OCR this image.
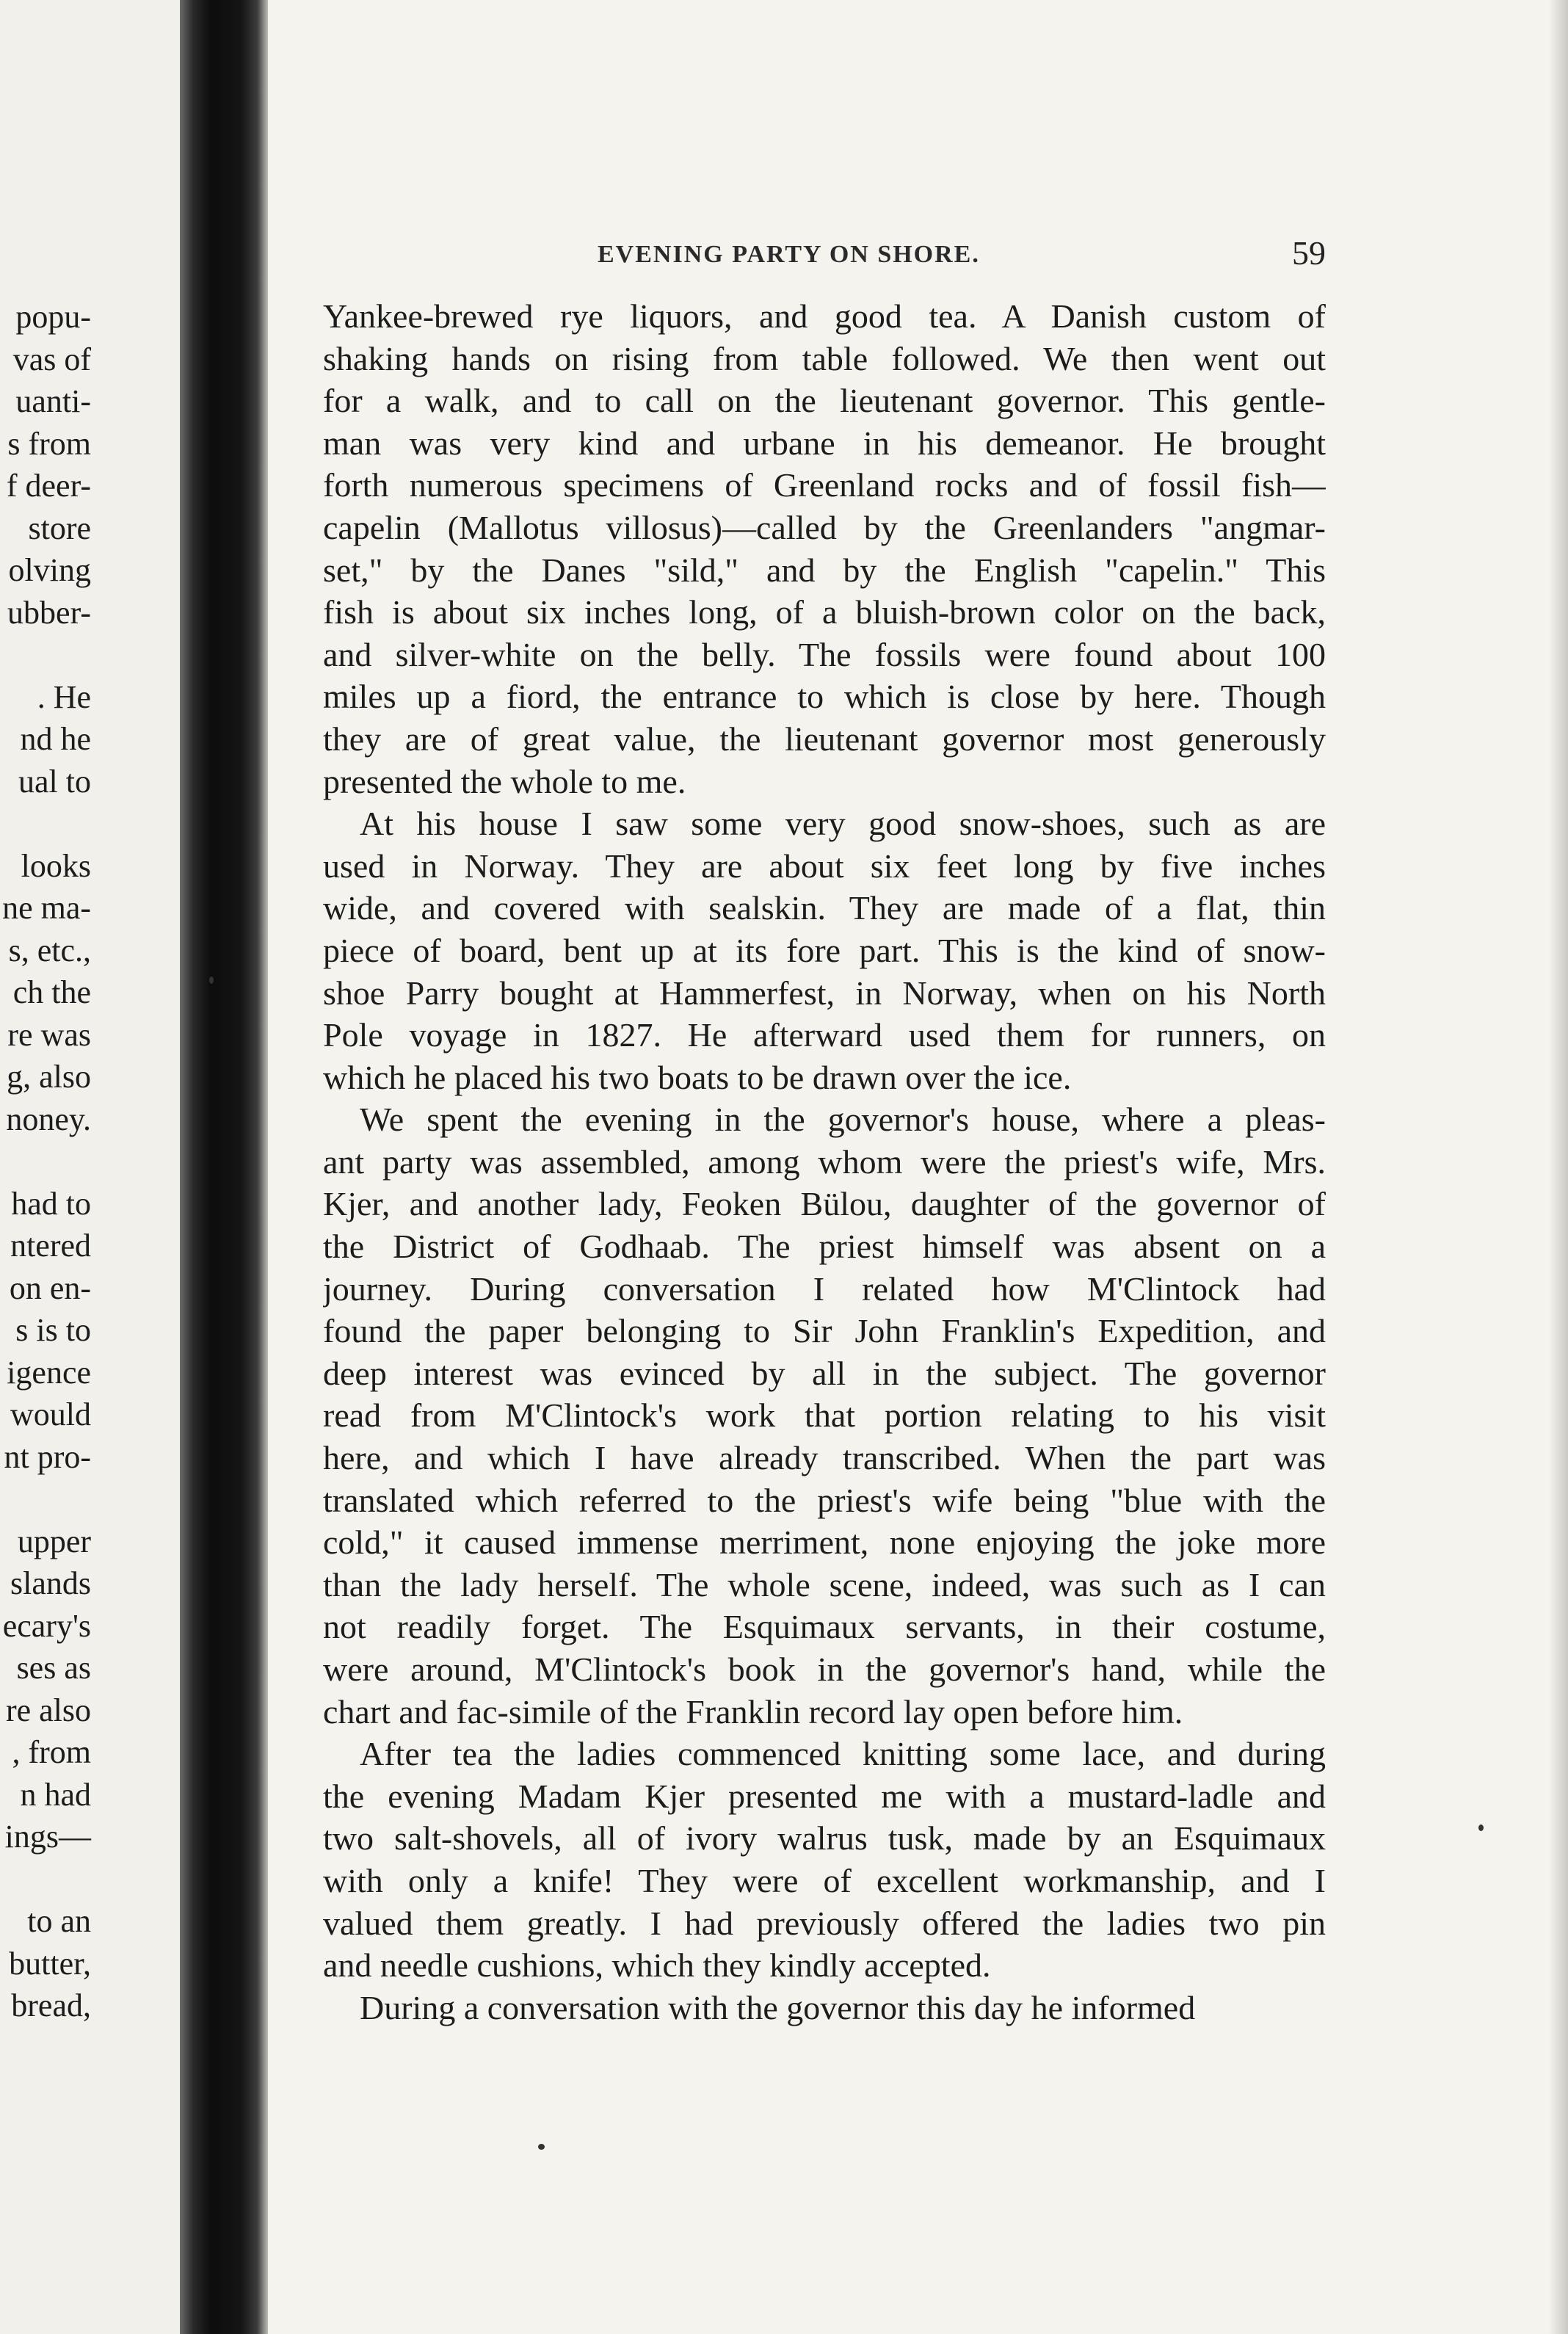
popu-
vas of
uanti-
s from
f deer-
store
olving
ubber-
. He
nd he
ual to
looks
ne ma-
s, etc.,
ch the
re was
g, also
noney.
had to
ntered
on en-
s is to
igence
would
nt pro-
upper
slands
ecary's
ses as
re also
, from
n had
ings—
to an
butter,
bread,
EVENING PARTY ON SHORE.	59
Yankee-brewed rye liquors, and good tea. A Danish custom of
shaking hands on rising from table followed. We then went out
for a walk, and to call on the lieutenant governor. This gentle-
man was very kind and urbane in his demeanor. He brought
forth numerous specimens of Greenland rocks and of fossil fish—
capelin (Mallotus villosus)—called by the Greenlanders "angmar-
set," by the Danes "sild," and by the English "capelin." This
fish is about six inches long, of a bluish-brown color on the back,
and silver-white on the belly. The fossils were found about 100
miles up a fiord, the entrance to which is close by here. Though
they are of great value, the lieutenant governor most generously
presented the whole to me.
At his house I saw some very good snow-shoes, such as are
used in Norway. They are about six feet long by five inches
wide, and covered with sealskin. They are made of a flat, thin
piece of board, bent up at its fore part. This is the kind of snow-
shoe Parry bought at Hammerfest, in Norway, when on his North
Pole voyage in 1827. He afterward used them for runners, on
which he placed his two boats to be drawn over the ice.
We spent the evening in the governor's house, where a pleas-
ant party was assembled, among whom were the priest's wife, Mrs.
Kjer, and another lady, Feoken Bülou, daughter of the governor of
the District of Godhaab. The priest himself was absent on a
journey. During conversation I related how M'Clintock had
found the paper belonging to Sir John Franklin's Expedition, and
deep interest was evinced by all in the subject. The governor
read from M'Clintock's work that portion relating to his visit
here, and which I have already transcribed. When the part was
translated which referred to the priest's wife being "blue with the
cold," it caused immense merriment, none enjoying the joke more
than the lady herself. The whole scene, indeed, was such as I can
not readily forget. The Esquimaux servants, in their costume,
were around, M'Clintock's book in the governor's hand, while the
chart and fac-simile of the Franklin record lay open before him.
After tea the ladies commenced knitting some lace, and during
the evening Madam Kjer presented me with a mustard-ladle and
two salt-shovels, all of ivory walrus tusk, made by an Esquimaux
with only a knife! They were of excellent workmanship, and I
valued them greatly. I had previously offered the ladies two pin
and needle cushions, which they kindly accepted.
During a conversation with the governor this day he informed
